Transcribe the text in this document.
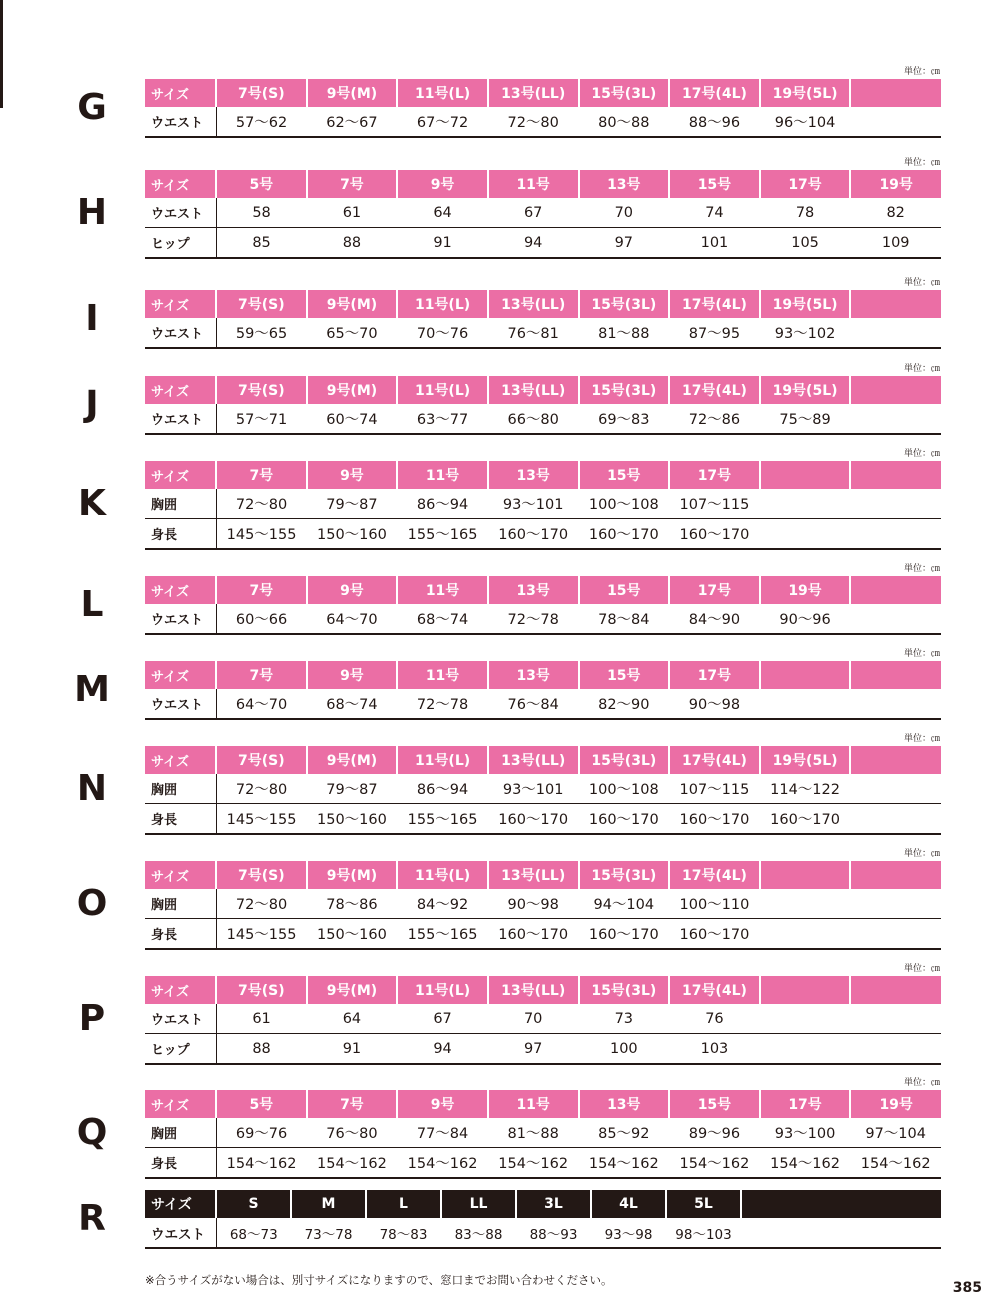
単位：㎝
G	サイズ	7号(S)	9号(M)	11号(L)	13号(LL)	15号(3L)	17号(4L)	19号(5L)	
ウエスト	57〜62	62〜67	67〜72	72〜80	80〜88	88〜96	96〜104	
単位：㎝
H
サイズ	5号	7号	9号	11号	13号	15号	17号	19号
ウエスト	58	61	64	67	70	74	78	82
ヒップ	85	88	91	94	97	101	105	109
単位：㎝
I	サイズ	7号(S)	9号(M)	11号(L)	13号(LL)	15号(3L)	17号(4L)	19号(5L)	
ウエスト	59〜65	65〜70	70〜76	76〜81	81〜88	87〜95	93〜102	
単位：㎝
J	サイズ	7号(S)	9号(M)	11号(L)	13号(LL)	15号(3L)	17号(4L)	19号(5L)	
ウエスト	57〜71	60〜74	63〜77	66〜80	69〜83	72〜86	75〜89	
単位：㎝
K
サイズ	7号	9号	11号	13号	15号	17号		
胸囲	72〜80	79〜87	86〜94	93〜101	100〜108	107〜115		
身長	145〜155	150〜160	155〜165	160〜170	160〜170	160〜170		
単位：㎝
L	サイズ	7号	9号	11号	13号	15号	17号	19号	
ウエスト	60〜66	64〜70	68〜74	72〜78	78〜84	84〜90	90〜96	
単位：㎝
M	サイズ	7号	9号	11号	13号	15号	17号		
ウエスト	64〜70	68〜74	72〜78	76〜84	82〜90	90〜98		
単位：㎝
N
サイズ	7号(S)	9号(M)	11号(L)	13号(LL)	15号(3L)	17号(4L)	19号(5L)	
胸囲	72〜80	79〜87	86〜94	93〜101	100〜108	107〜115	114〜122	
身長	145〜155	150〜160	155〜165	160〜170	160〜170	160〜170	160〜170	
単位：㎝
O
サイズ	7号(S)	9号(M)	11号(L)	13号(LL)	15号(3L)	17号(4L)		
胸囲	72〜80	78〜86	84〜92	90〜98	94〜104	100〜110		
身長	145〜155	150〜160	155〜165	160〜170	160〜170	160〜170		
単位：㎝
P
サイズ	7号(S)	9号(M)	11号(L)	13号(LL)	15号(3L)	17号(4L)		
ウエスト	61	64	67	70	73	76		
ヒップ	88	91	94	97	100	103		
単位：㎝
Q
サイズ	5号	7号	9号	11号	13号	15号	17号	19号
胸囲	69〜76	76〜80	77〜84	81〜88	85〜92	89〜96	93〜100	97〜104
身長	154〜162	154〜162	154〜162	154〜162	154〜162	154〜162	154〜162	154〜162
R	サイズ	S	M	L	LL	3L	4L	5L	
ウエスト	68〜73	73〜78	78〜83	83〜88	88〜93	93〜98	98〜103	
※合うサイズがない場合は、別寸サイズになりますので、窓口までお問い合わせください。	385
